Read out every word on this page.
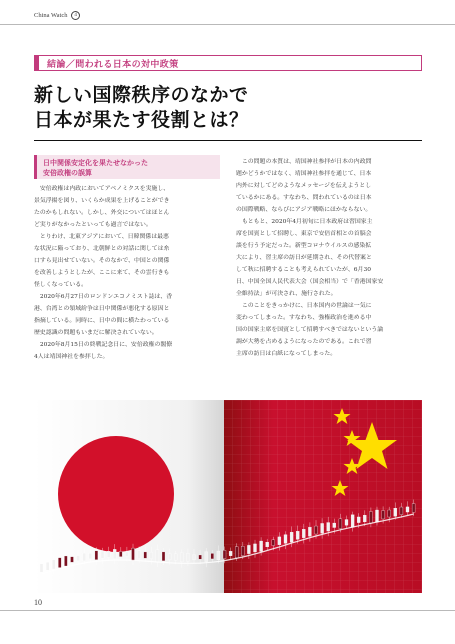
China Watch 4
結論／問われる日本の対中政策
新しい国際秩序のなかで
日本が果たす役割とは？
日中関係安定化を果たせなかった
安倍政権の誤算

安倍政権は内政においてアベノミクスを実施し、

景気浮揚を図り、いくらか成果を上げることができ

たのかもしれない。しかし、外交についてはほとん

ど実りがなかったといっても過言ではない。

とりわけ、北東アジアにおいて、日韓関係は最悪

な状況に陥っており、北朝鮮との対話に関しては糸

口すら見出せていない。そのなかで、中国との関係

を改善しようとしたが、ここに来て、その雲行きも

怪しくなっている。

2020年6月27日のロンドンエコノミスト誌は、香

港、台湾との領域紛争は日中関係が悪化する原因と

指摘している。同時に、日中の間に横たわっている

歴史認識の問題もいまだに解決されていない。

2020年8月15日の終戦記念日に、安倍政権の閣僚

4人は靖国神社を参拝した。

この問題の本質は、靖国神社参拝が日本の内政問

題かどうかではなく、靖国神社参拝を通じて、日本

内外に対してどのようなメッセージを伝えようとし

ているかにある。すなわち、問われているのは日本

の国際戦略、ならびにアジア戦略にほかならない。

もともと、2020年4月初旬に日本政府は習国家主

席を国賓として招聘し、東京で安倍首相との首脳会

談を行う予定だった。新型コロナウイルスの感染拡

大により、習主席の訪日が延期され、その代替案と

して秋に招聘することも考えられていたが、6月30

日、中国全国人民代表大会（国会相当）で「香港国家安

全維持法」が可決され、施行された。

このことをきっかけに、日本国内の世論は一気に

変わってしまった。すなわち、強権政治を進める中

国の国家主席を国賓として招聘すべきではないという論

調が大勢を占めるようになったのである。これで習

主席の訪日は白紙になってしまった。

10
